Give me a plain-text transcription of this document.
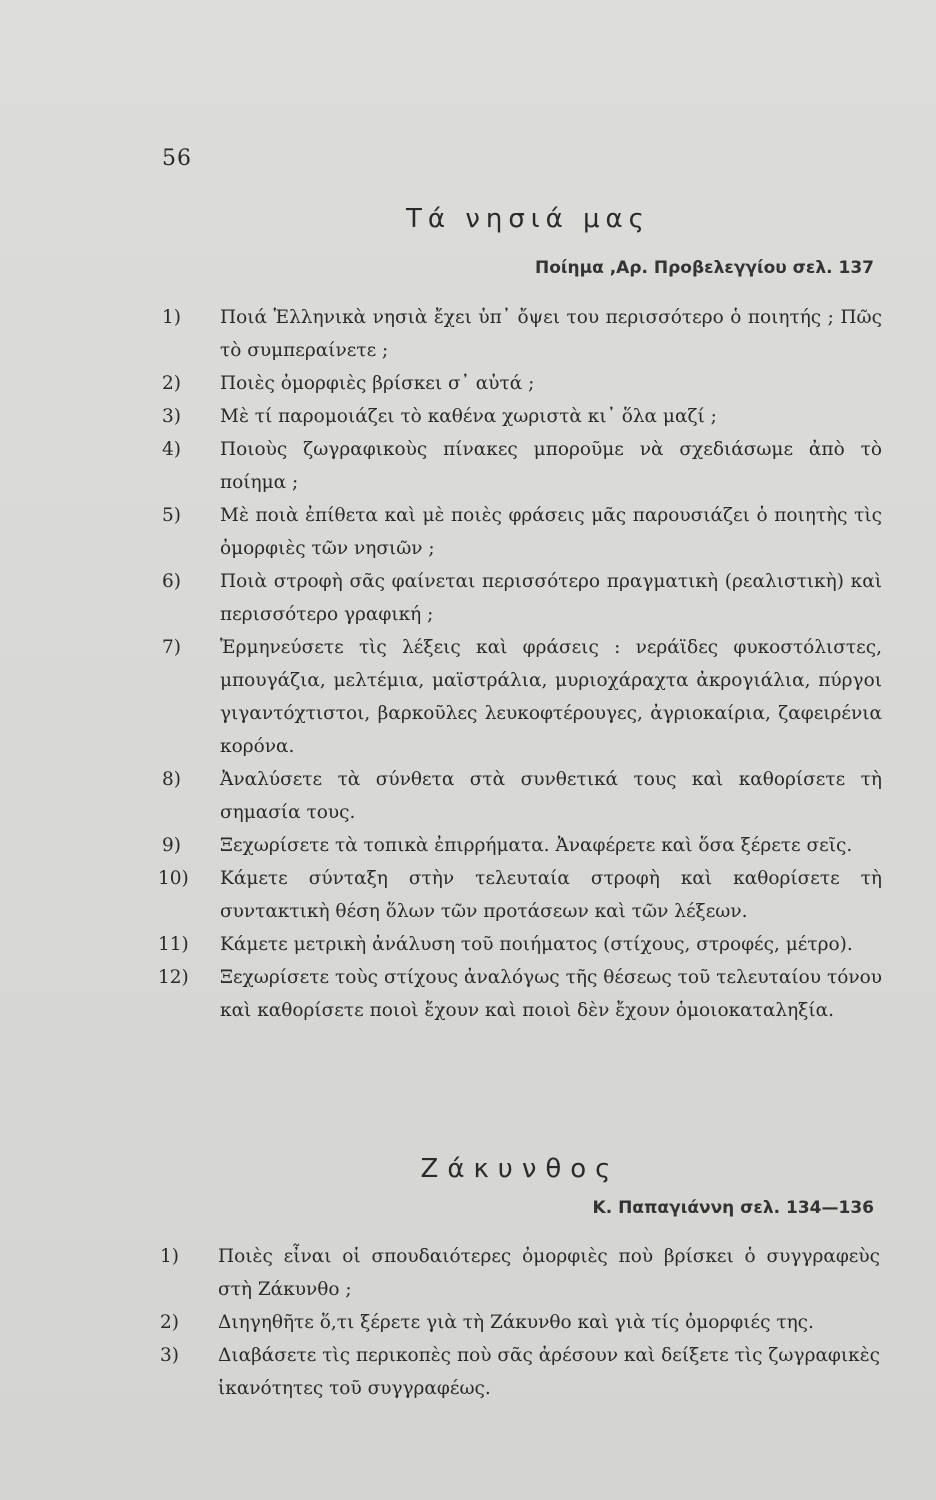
56
Τά νησιά μας
Ποίημα ,Αρ. Προβελεγγίου σελ. 137
1)	Ποιά Ἑλληνικὰ νησιὰ ἔχει ὑπ᾽ ὄψει του περισσότερο ὁ ποιητής ; Πῶς τὸ συμπεραίνετε ;
2)	Ποιὲς ὀμορφιὲς βρίσκει σ᾽ αὐτά ;
3)	Μὲ τί παρομοιάζει τὸ καθένα χωριστὰ κι᾽ ὅλα μαζί ;
4)	Ποιοὺς ζωγραφικοὺς πίνακες μποροῦμε νὰ σχεδιάσωμε ἀπὸ τὸ ποίημα ;
5)	Μὲ ποιὰ ἐπίθετα καὶ μὲ ποιὲς φράσεις μᾶς παρουσιάζει ὁ ποιητὴς τὶς ὀμορφιὲς τῶν νησιῶν ;
6)	Ποιὰ στροφὴ σᾶς φαίνεται περισσότερο πραγματικὴ (ρεαλιστικὴ) καὶ περισσότερο γραφική ;
7)	Ἑρμηνεύσετε τὶς λέξεις καὶ φράσεις : νεράϊδες φυκοστόλιστες, μπουγάζια, μελτέμια, μαϊστράλια, μυριοχάραχτα ἀκρογιάλια, πύργοι γιγαντόχτιστοι, βαρκοῦλες λευκοφτέρουγες, ἀγριοκαίρια, ζαφειρένια κορόνα.
8)	Ἀναλύσετε τὰ σύνθετα στὰ συνθετικά τους καὶ καθορίσετε τὴ σημασία τους.
9)	Ξεχωρίσετε τὰ τοπικὰ ἐπιρρήματα. Ἀναφέρετε καὶ ὅσα ξέρετε σεῖς.
10)	Κάμετε σύνταξη στὴν τελευταία στροφὴ καὶ καθορίσετε τὴ συντακτικὴ θέση ὅλων τῶν προτάσεων καὶ τῶν λέξεων.
11)	Κάμετε μετρικὴ ἀνάλυση τοῦ ποιήματος (στίχους, στροφές, μέτρο).
12)	Ξεχωρίσετε τοὺς στίχους ἀναλόγως τῆς θέσεως τοῦ τελευταίου τόνου καὶ καθορίσετε ποιοὶ ἔχουν καὶ ποιοὶ δὲν ἔχουν ὁμοιοκαταληξία.
Ζάκυνθος
Κ. Παπαγιάννη σελ. 134—136
1)	Ποιὲς εἶναι οἱ σπουδαιότερες ὀμορφιὲς ποὺ βρίσκει ὁ συγγραφεὺς στὴ Ζάκυνθο ;
2)	Διηγηθῆτε ὅ,τι ξέρετε γιὰ τὴ Ζάκυνθο καὶ γιὰ τίς ὀμορφιές της.
3)	Διαβάσετε τὶς περικοπὲς ποὺ σᾶς ἀρέσουν καὶ δείξετε τὶς ζωγραφικὲς ἱκανότητες τοῦ συγγραφέως.
